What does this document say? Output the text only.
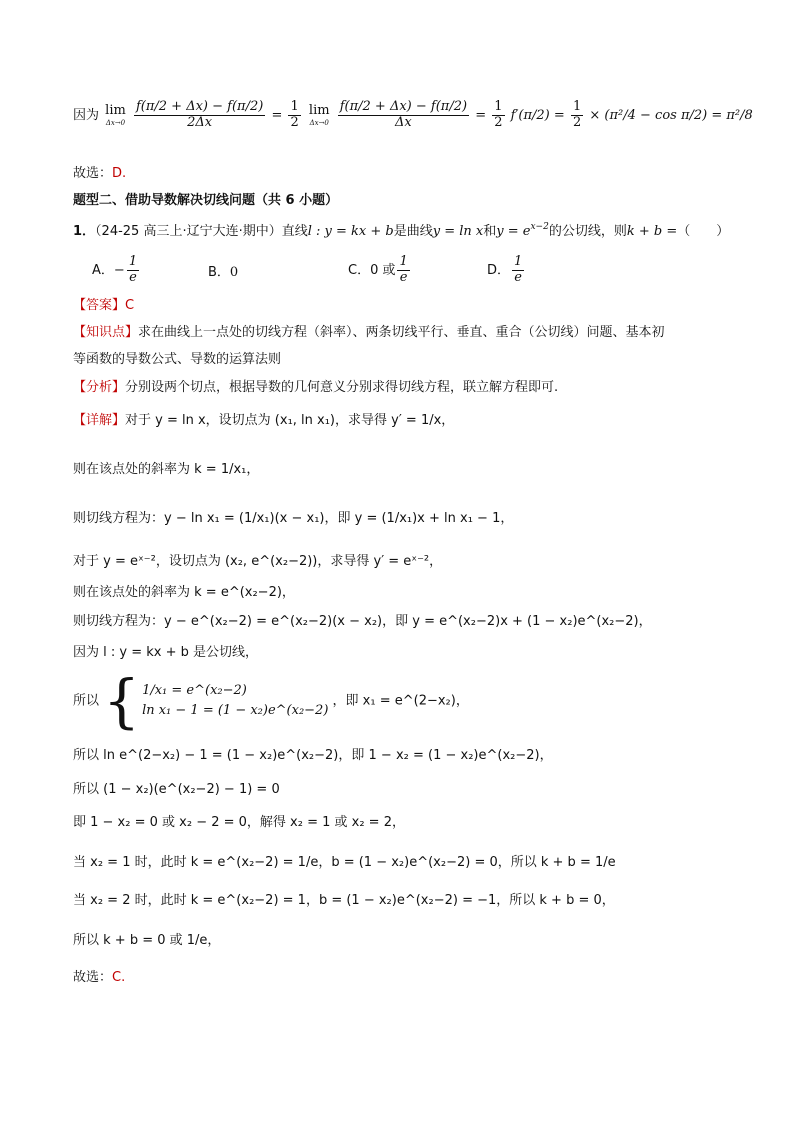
因为 lim
Δx→0
$\frac{f(\pi/2 + \Delta x) - f(\pi/2)}{2\Delta x} = \frac{1}{2}$
lim
Δx→0
$\frac{f(\pi/2 + \Delta x) - f(\pi/2)}{\Delta x} = \frac{1}{2} f'(\pi/2) = \frac{1}{2} \times (\pi^2/4 - \cos \pi/2) = \pi^2/8$
故选：D.
题型二、借助导数解决切线问题（共 6 小题）
1．（24-25 高三上·辽宁大连·期中）直线l : y = kx + b是曲线y = ln x和$y = e^{x-2}$的公切线，则k + b =（　　）
A．− $\frac{1}{e}$	B．0	C．0 或 $\frac{1}{e}$	D． $\frac{1}{e}$
【答案】C
【知识点】求在曲线上一点处的切线方程（斜率）、两条切线平行、垂直、重合（公切线）问题、基本初
等函数的导数公式、导数的运算法则
【分析】分别设两个切点，根据导数的几何意义分别求得切线方程，联立解方程即可.
【详解】对于 y = ln x，设切点为 (x₁, ln x₁)，求导得 y′ = 1/x，
则在该点处的斜率为 k = 1/x₁，
则切线方程为：y − ln x₁ = (1/x₁)(x − x₁)，即 y = (1/x₁)x + ln x₁ − 1，
对于 y = eˣ⁻²，设切点为 (x₂, e^(x₂−2))，求导得 y′ = eˣ⁻²，
则在该点处的斜率为 k = e^(x₂−2)，
则切线方程为：y − e^(x₂−2) = e^(x₂−2)(x − x₂)，即 y = e^(x₂−2)x + (1 − x₂)e^(x₂−2)，
因为 l : y = kx + b 是公切线，
所以 { 1/x₁ = e^(x₂−2)
ln x₁ − 1 = (1 − x₂)e^(x₂−2)
，即 x₁ = e^(2−x₂)，
所以 ln e^(2−x₂) − 1 = (1 − x₂)e^(x₂−2)，即 1 − x₂ = (1 − x₂)e^(x₂−2)，
所以 (1 − x₂)(e^(x₂−2) − 1) = 0
即 1 − x₂ = 0 或 x₂ − 2 = 0，解得 x₂ = 1 或 x₂ = 2，
当 x₂ = 1 时，此时 k = e^(x₂−2) = 1/e，b = (1 − x₂)e^(x₂−2) = 0，所以 k + b = 1/e
当 x₂ = 2 时，此时 k = e^(x₂−2) = 1，b = (1 − x₂)e^(x₂−2) = −1，所以 k + b = 0，
所以 k + b = 0 或 1/e，
故选：C.
